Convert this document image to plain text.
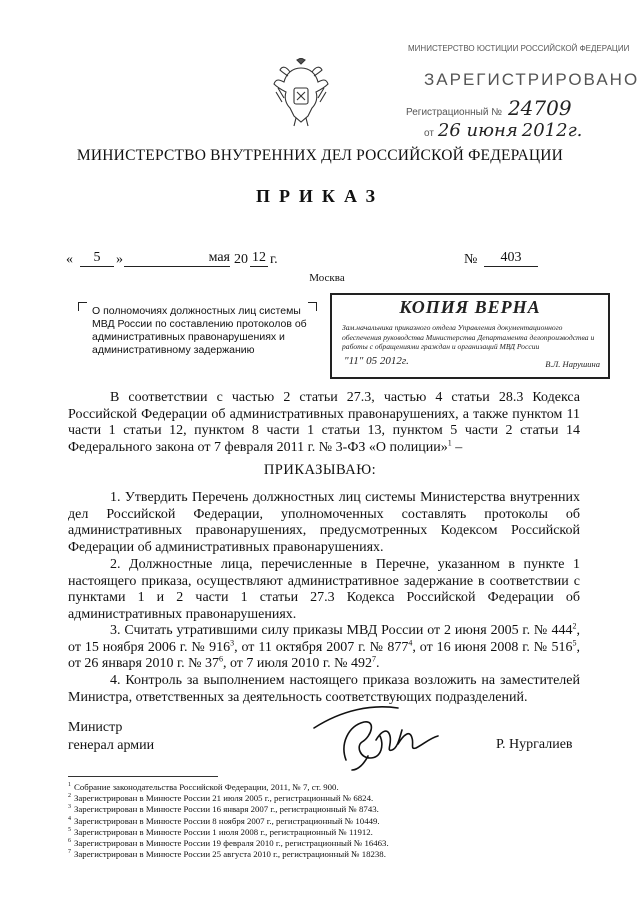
МИНИСТЕРСТВО ЮСТИЦИИ РОССИЙСКОЙ ФЕДЕРАЦИИ
ЗАРЕГИСТРИРОВАНО
Регистрационный № 24709
от 26 июня 2012г.
МИНИСТЕРСТВО ВНУТРЕННИХ ДЕЛ РОССИЙСКОЙ ФЕДЕРАЦИИ
ПРИКАЗ
«	5	»	мая 20 12 г.	№	403
Москва
О полномочиях должностных лиц системы МВД России по составлению протоколов об административных правонарушениях и административному задержанию
КОПИЯ ВЕРНА
Зам.начальника приказного отдела Управления документационного обеспечения руководства Министерства Департамента делопроизводства и работы с обращениями граждан и организаций МВД России
"11" 05 2012г.	В.Л. Нарушина
В соответствии с частью 2 статьи 27.3, частью 4 статьи 28.3 Кодекса Российской Федерации об административных правонарушениях, а также пунктом 11 части 1 статьи 12, пунктом 8 части 1 статьи 13, пунктом 5 части 2 статьи 14 Федерального закона от 7 февраля 2011 г. № 3-ФЗ «О полиции»$^1$ –
ПРИКАЗЫВАЮ:
1. Утвердить Перечень должностных лиц системы Министерства внутренних дел Российской Федерации, уполномоченных составлять протоколы об административных правонарушениях, предусмотренных Кодексом Российской Федерации об административных правонарушениях.
2. Должностные лица, перечисленные в Перечне, указанном в пункте 1 настоящего приказа, осуществляют административное задержание в соответствии с пунктами 1 и 2 части 1 статьи 27.3 Кодекса Российской Федерации об административных правонарушениях.
3. Считать утратившими силу приказы МВД России от 2 июня 2005 г. № $444^2$, от 15 ноября 2006 г. № $916^3$, от 11 октября 2007 г. № $877^4$, от 16 июня 2008 г. № $516^5$, от 26 января 2010 г. № $37^6$, от 7 июля 2010 г. № $492^7$.
4. Контроль за выполнением настоящего приказа возложить на заместителей Министра, ответственных за деятельность соответствующих подразделений.
Министр
генерал армии	Р. Нургалиев
$^1$ Собрание законодательства Российской Федерации, 2011, № 7, ст. 900.
$^2$ Зарегистрирован в Минюсте России 21 июля 2005 г., регистрационный № 6824.
$^3$ Зарегистрирован в Минюсте России 16 января 2007 г., регистрационный № 8743.
$^4$ Зарегистрирован в Минюсте России 8 ноября 2007 г., регистрационный № 10449.
$^5$ Зарегистрирован в Минюсте России 1 июля 2008 г., регистрационный № 11912.
$^6$ Зарегистрирован в Минюсте России 19 февраля 2010 г., регистрационный № 16463.
$^7$ Зарегистрирован в Минюсте России 25 августа 2010 г., регистрационный № 18238.
